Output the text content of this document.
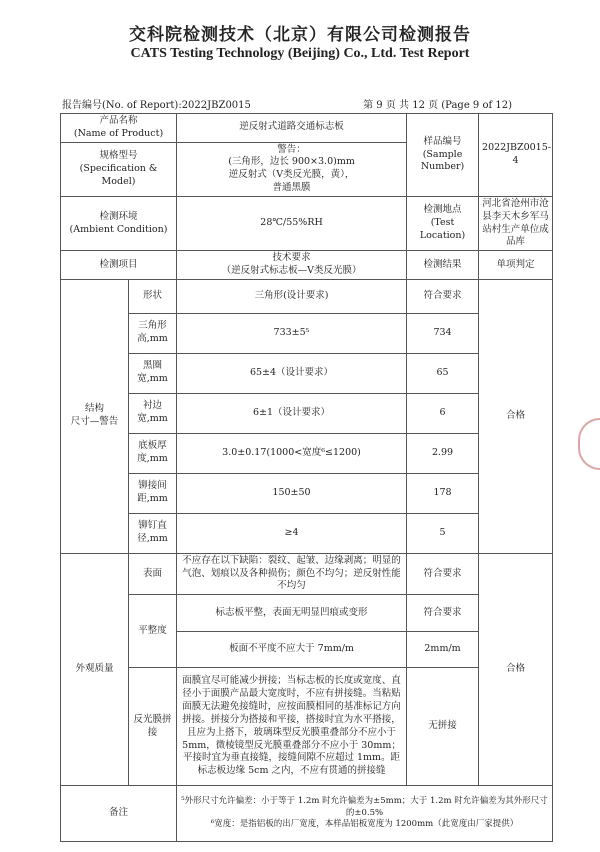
交科院检测技术（北京）有限公司检测报告
CATS Testing Technology (Beijing) Co., Ltd. Test Report
报告编号(No. of Report):2022JBZ0015	第 9 页 共 12 页 (Page 9 of 12)
产品名称
(Name of Product)		逆反射式道路交通标志板	样品编号
(Sample Number)	2022JBZ0015-4

规格型号
(Specification & Model)		警告：
(三角形，边长 900×3.0)mm
逆反射式（V类反光膜，黄），
普通黑膜		

检测环境
(Ambient Condition)		28℃/55%RH	检测地点
(Test Location)	河北省沧州市沧县李天木乡军马站村生产单位成品库
检测项目		技术要求
（逆反射式标志板—V类反光膜）	检测结果	单项判定

结构
尺寸—警告	形状	三角形(设计要求)	符合要求	合格
	三角形高,mm	733±5⁵	734	
	黑圈宽,mm	65±4（设计要求）	65	
	衬边宽,mm	6±1（设计要求）	6	
	底板厚度,mm	3.0±0.17(1000<宽度⁶≤1200)	2.99	
	铆接间距,mm	150±50	178	
	铆钉直径,mm	≥4	5	
外观质量	表面	不应存在以下缺陷：裂纹、起皱、边缘剥离；明显的气泡、划痕以及各种损伤；颜色不均匀；逆反射性能不均匀	符合要求	合格
	平整度	标志板平整，表面无明显凹痕或变形	符合要求	
		板面不平度不应大于 7mm/m	2mm/m	
	反光膜拼接	面膜宜尽可能减少拼接；当标志板的长度或宽度、直径小于面膜产品最大宽度时，不应有拼接缝。当粘贴面膜无法避免接缝时，应按面膜相同的基准标记方向拼接。拼接分为搭接和平接，搭接时宜为水平搭接，且应为上搭下，玻璃珠型反光膜重叠部分不应小于 5mm，微棱镜型反光膜重叠部分不应小于 30mm；平接时宜为垂直接缝，接缝间隙不应超过 1mm。距标志板边缘 5cm 之内，不应有贯通的拼接缝	无拼接	
备注		⁵外形尺寸允许偏差：小于等于 1.2m 时允许偏差为±5mm；大于 1.2m 时允许偏差为其外形尺寸的±0.5%
⁶宽度：是指铝板的出厂宽度，本样品铝板宽度为 1200mm（此宽度由厂家提供）		
